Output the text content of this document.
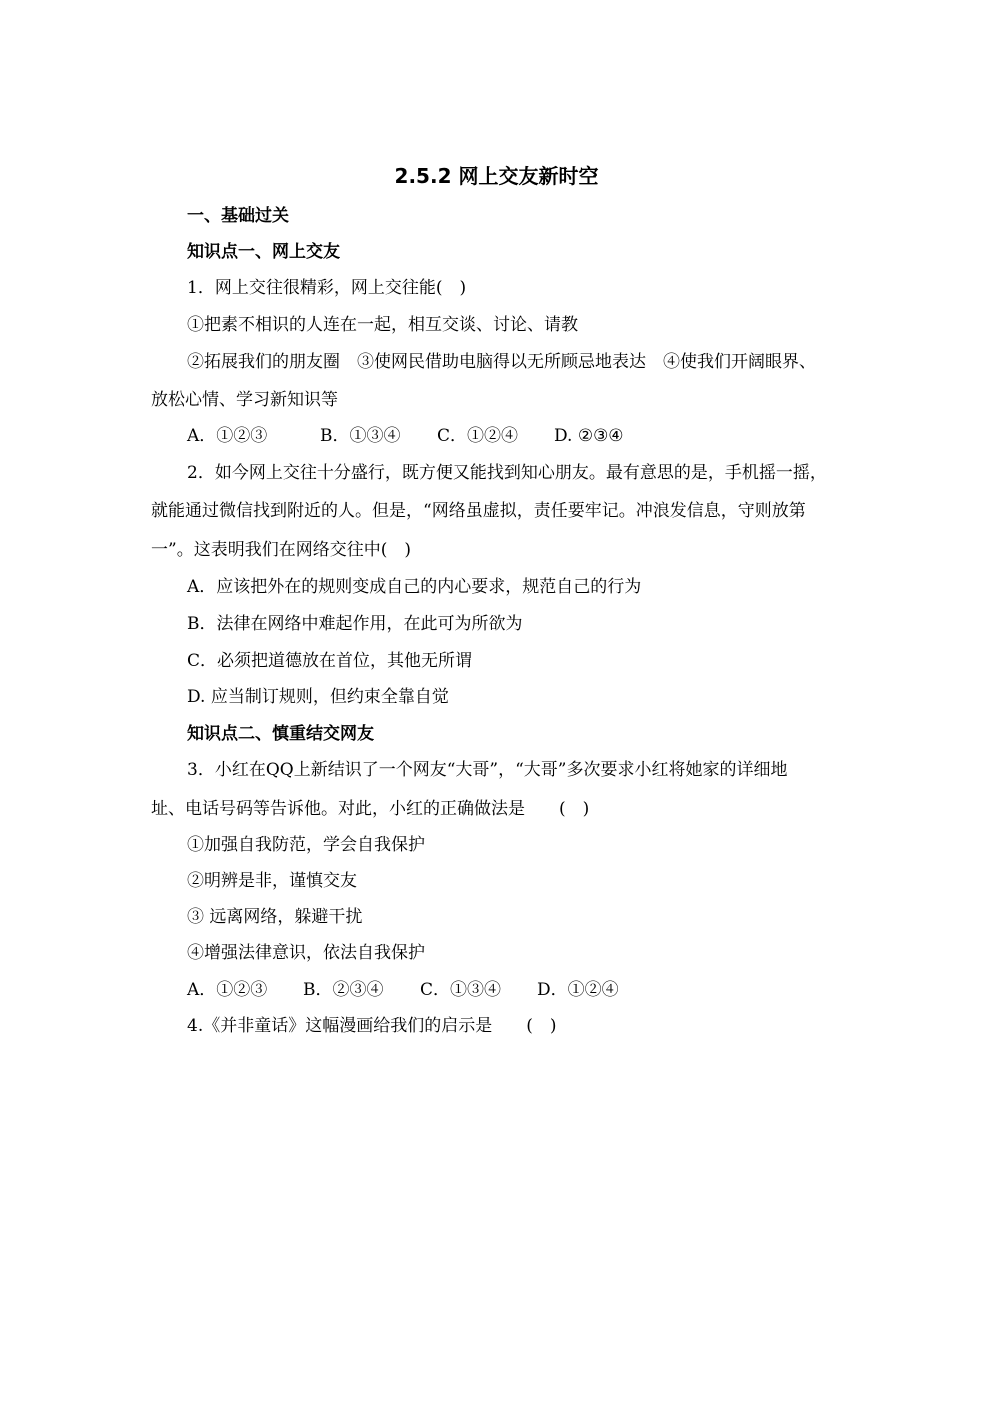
2.5.2 网上交友新时空
一、基础过关
知识点一、网上交友
1．网上交往很精彩，网上交往能(　)
①把素不相识的人连在一起，相互交谈、讨论、请教
②拓展我们的朋友圈　③使网民借助电脑得以无所顾忌地表达　④使我们开阔眼界、
放松心情、学习新知识等
A．①②③	B．①③④ C．①②④ D. ②③④
2．如今网上交往十分盛行，既方便又能找到知心朋友。最有意思的是，手机摇一摇，
就能通过微信找到附近的人。但是，“网络虽虚拟，责任要牢记。冲浪发信息，守则放第
一”。这表明我们在网络交往中(　)
A．应该把外在的规则变成自己的内心要求，规范自己的行为
B．法律在网络中难起作用，在此可为所欲为
C．必须把道德放在首位，其他无所谓
D. 应当制订规则，但约束全靠自觉
知识点二、慎重结交网友
3．小红在QQ上新结识了一个网友“大哥”，“大哥”多次要求小红将她家的详细地
址、电话号码等告诉他。对此，小红的正确做法是　　(　)
①加强自我防范，学会自我保护
②明辨是非，谨慎交友
③ 远离网络，躲避干扰
④增强法律意识，依法自我保护
A．①②③ B．②③④ C．①③④ D．①②④
4.《并非童话》这幅漫画给我们的启示是　　(　)
